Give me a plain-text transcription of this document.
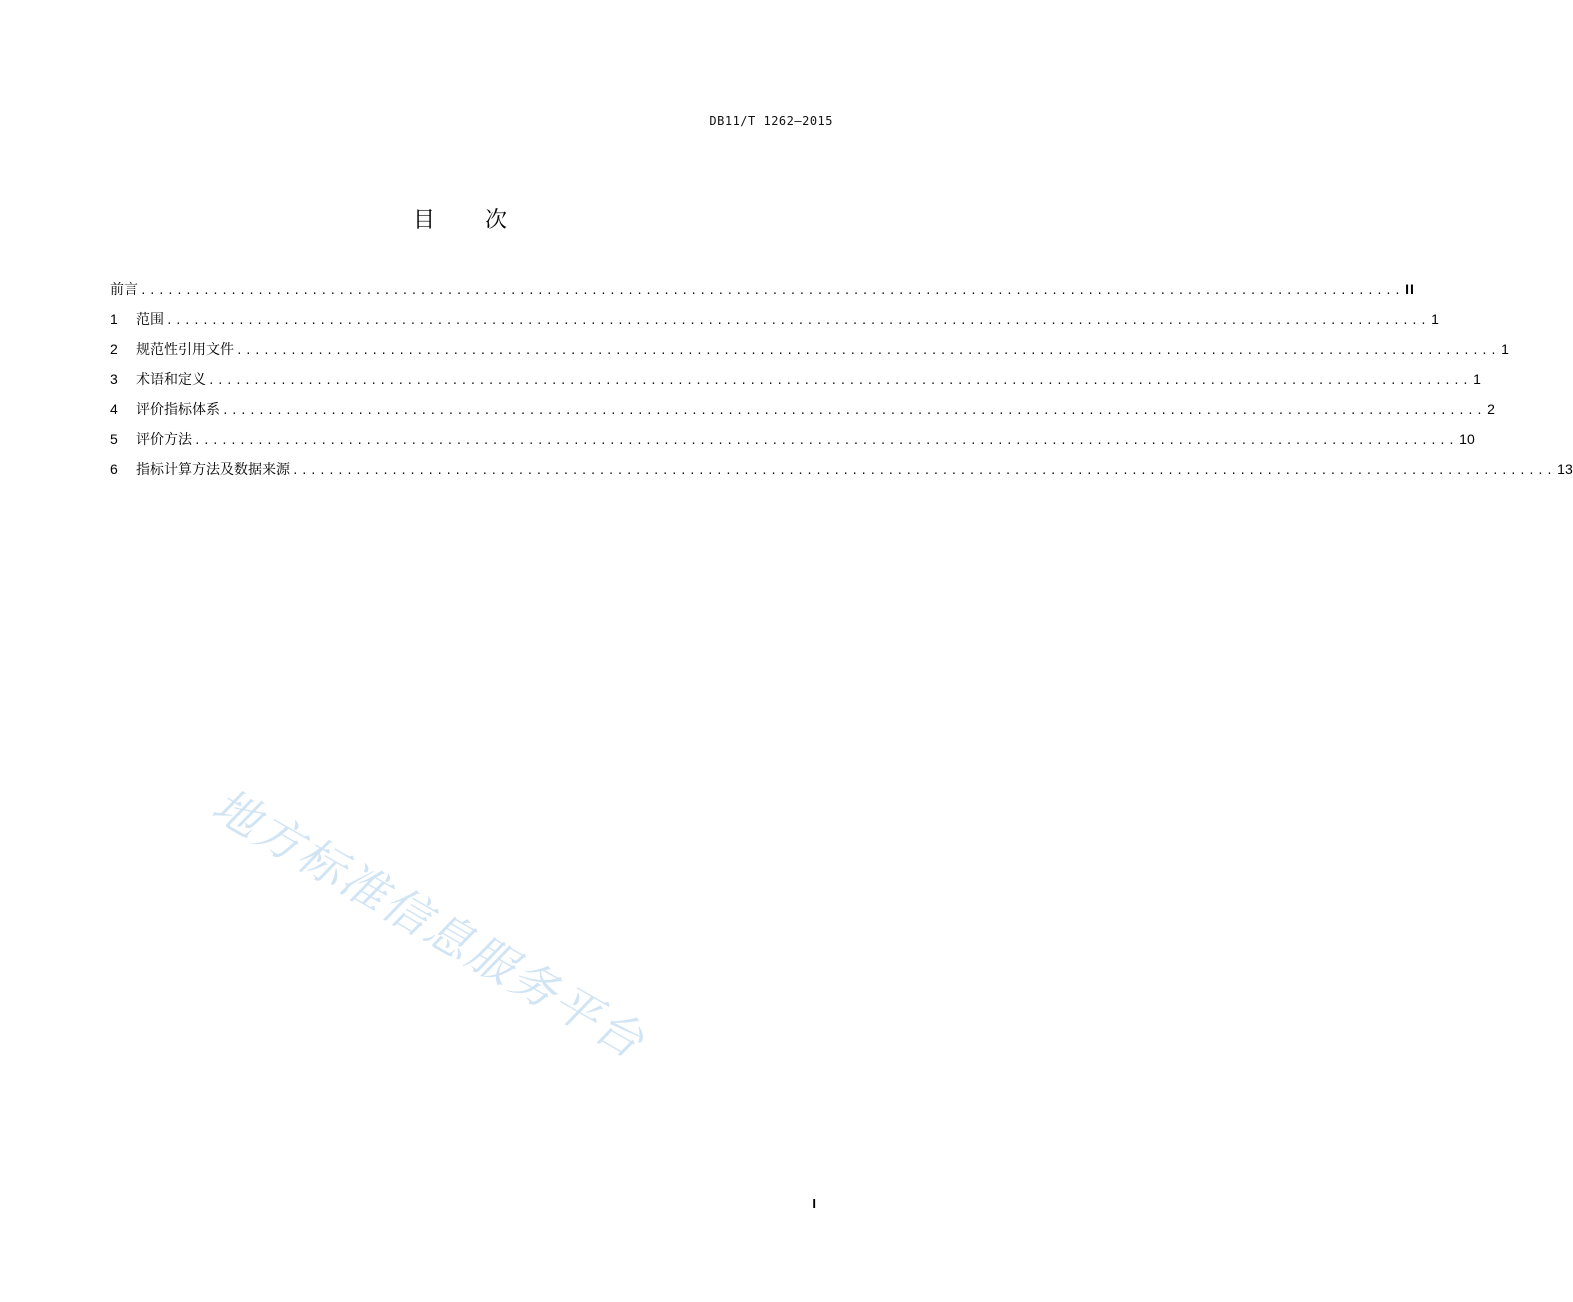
DB11/T 1262—2015
目 次
前言 ............................................................................................................................................ II
1	范围 ............................................................................................................................................ 1
2	规范性引用文件 ............................................................................................................................................ 1
3	术语和定义 ............................................................................................................................................ 1
4	评价指标体系 ............................................................................................................................................ 2
5	评价方法 ............................................................................................................................................ 10
6	指标计算方法及数据来源 ............................................................................................................................................ 13
地方标准信息服务平台
I
